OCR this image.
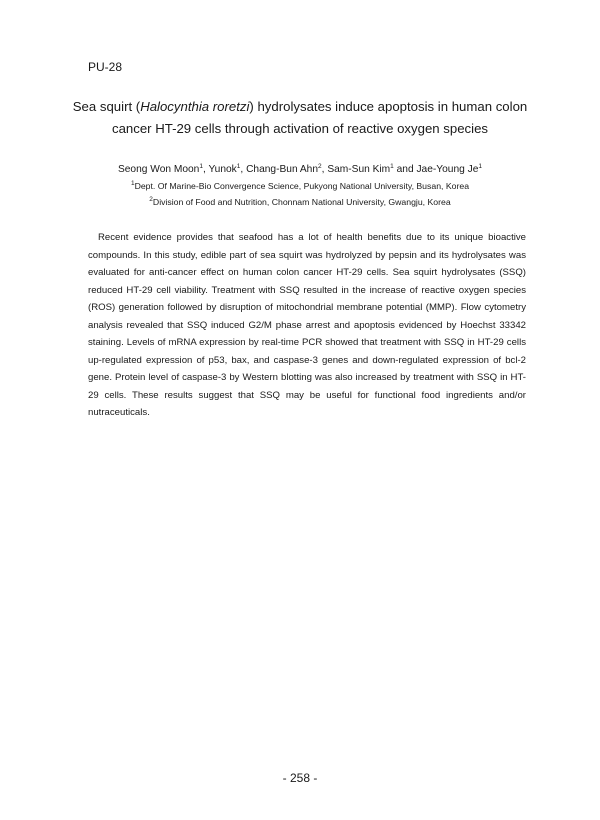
PU-28
Sea squirt (Halocynthia roretzi) hydrolysates induce apoptosis in human colon cancer HT-29 cells through activation of reactive oxygen species
Seong Won Moon$^1$, Yunok$^1$, Chang-Bun Ahn$^2$, Sam-Sun Kim$^1$ and Jae-Young Je$^1$
$^1$Dept. Of Marine-Bio Convergence Science, Pukyong National University, Busan, Korea
$^2$Division of Food and Nutrition, Chonnam National University, Gwangju, Korea

Recent evidence provides that seafood has a lot of health benefits due to its unique bioactive compounds. In this study, edible part of sea squirt was hydrolyzed by pepsin and its hydrolysates was evaluated for anti-cancer effect on human colon cancer HT-29 cells. Sea squirt hydrolysates (SSQ) reduced HT-29 cell viability. Treatment with SSQ resulted in the increase of reactive oxygen species (ROS) generation followed by disruption of mitochondrial membrane potential (MMP). Flow cytometry analysis revealed that SSQ induced G2/M phase arrest and apoptosis evidenced by Hoechst 33342 staining. Levels of mRNA expression by real-time PCR showed that treatment with SSQ in HT-29 cells up-regulated expression of p53, bax, and caspase-3 genes and down-regulated expression of bcl-2 gene. Protein level of caspase-3 by Western blotting was also increased by treatment with SSQ in HT-29 cells. These results suggest that SSQ may be useful for functional food ingredients and/or nutraceuticals.

- 258 -
